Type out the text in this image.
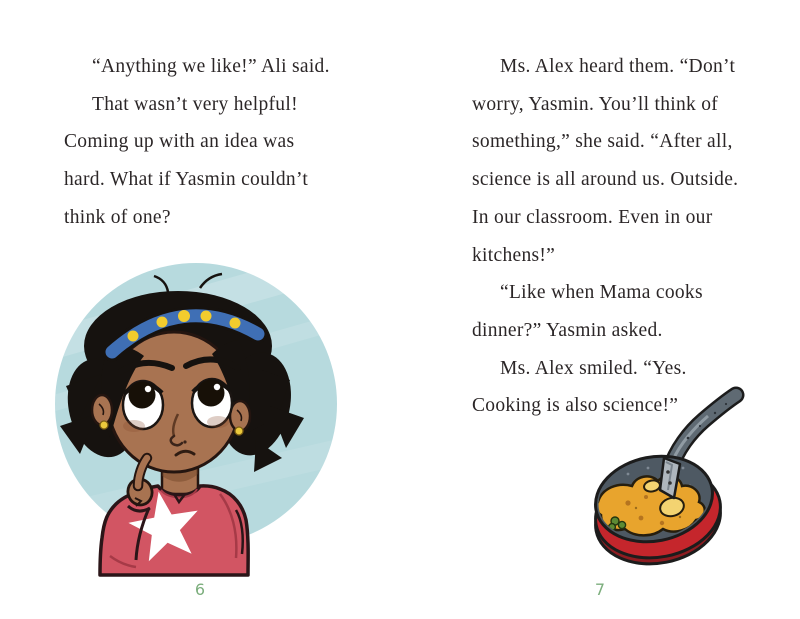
“Anything we like!” Ali said.
That wasn’t very helpful!
Coming up with an idea was
hard. What if Yasmin couldn’t
think of one?
6
Ms. Alex heard them. “Don’t
worry, Yasmin. You’ll think of
something,” she said. “After all,
science is all around us. Outside.
In our classroom. Even in our
kitchens!”
“Like when Mama cooks
dinner?” Yasmin asked.
Ms. Alex smiled. “Yes.
Cooking is also science!”
7
